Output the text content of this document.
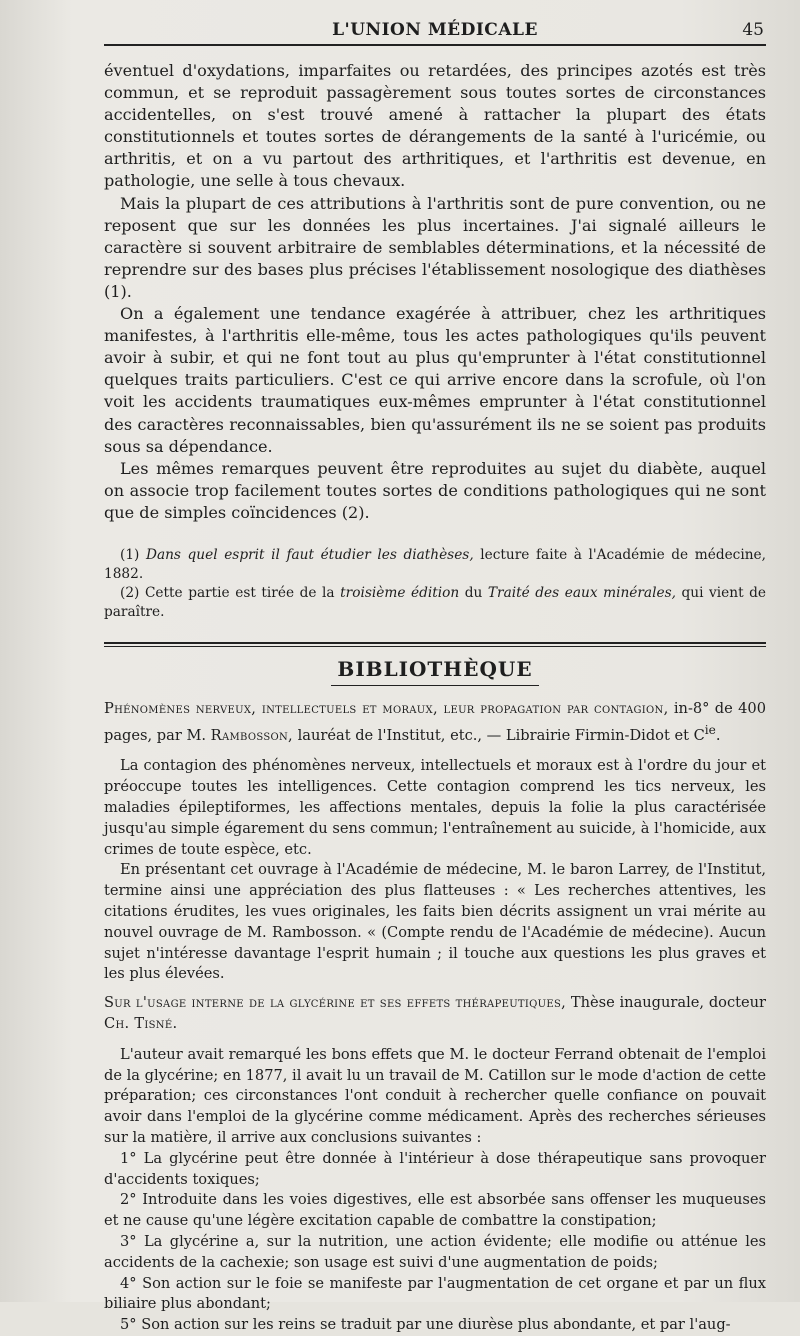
L'UNION MÉDICALE	45

éventuel d'oxydations, imparfaites ou retardées, des principes azotés est très commun, et se reproduit passagèrement sous toutes sortes de circonstances accidentelles, on s'est trouvé amené à rattacher la plupart des états constitutionnels et toutes sortes de dérangements de la santé à l'uricémie, ou arthritis, et on a vu partout des arthritiques, et l'arthritis est devenue, en pathologie, une selle à tous chevaux.

Mais la plupart de ces attributions à l'arthritis sont de pure convention, ou ne reposent que sur les données les plus incertaines. J'ai signalé ailleurs le caractère si souvent arbitraire de semblables déterminations, et la nécessité de reprendre sur des bases plus précises l'établissement nosologique des diathèses (1).

On a également une tendance exagérée à attribuer, chez les arthritiques manifestes, à l'arthritis elle-même, tous les actes pathologiques qu'ils peuvent avoir à subir, et qui ne font tout au plus qu'emprunter à l'état constitutionnel quelques traits particuliers. C'est ce qui arrive encore dans la scrofule, où l'on voit les accidents traumatiques eux-mêmes emprunter à l'état constitutionnel des caractères reconnaissables, bien qu'assurément ils ne se soient pas produits sous sa dépendance.

Les mêmes remarques peuvent être reproduites au sujet du diabète, auquel on associe trop facilement toutes sortes de conditions pathologiques qui ne sont que de simples coïncidences (2).

(1) Dans quel esprit il faut étudier les diathèses, lecture faite à l'Académie de médecine, 1882.

(2) Cette partie est tirée de la troisième édition du Traité des eaux minérales, qui vient de paraître.

BIBLIOTHÈQUE

Phénomènes nerveux, intellectuels et moraux, leur propagation par contagion, in-8° de 400 pages, par M. Rambosson, lauréat de l'Institut, etc., — Librairie Firmin-Didot et $C^{ie}$.

La contagion des phénomènes nerveux, intellectuels et moraux est à l'ordre du jour et préoccupe toutes les intelligences. Cette contagion comprend les tics nerveux, les maladies épileptiformes, les affections mentales, depuis la folie la plus caractérisée jusqu'au simple égarement du sens commun; l'entraînement au suicide, à l'homicide, aux crimes de toute espèce, etc.

En présentant cet ouvrage à l'Académie de médecine, M. le baron Larrey, de l'Institut, termine ainsi une appréciation des plus flatteuses : « Les recherches attentives, les citations érudites, les vues originales, les faits bien décrits assignent un vrai mérite au nouvel ouvrage de M. Rambosson. « (Compte rendu de l'Académie de médecine). Aucun sujet n'intéresse davantage l'esprit humain ; il touche aux questions les plus graves et les plus élevées.

Sur l'usage interne de la glycérine et ses effets thérapeutiques, Thèse inaugurale, docteur Ch. Tisné.

L'auteur avait remarqué les bons effets que M. le docteur Ferrand obtenait de l'emploi de la glycérine; en 1877, il avait lu un travail de M. Catillon sur le mode d'action de cette préparation; ces circonstances l'ont conduit à rechercher quelle confiance on pouvait avoir dans l'emploi de la glycérine comme médicament. Après des recherches sérieuses sur la matière, il arrive aux conclusions suivantes :

1° La glycérine peut être donnée à l'intérieur à dose thérapeutique sans provoquer d'accidents toxiques;

2° Introduite dans les voies digestives, elle est absorbée sans offenser les muqueuses et ne cause qu'une légère excitation capable de combattre la constipation;

3° La glycérine a, sur la nutrition, une action évidente; elle modifie ou atténue les accidents de la cachexie; son usage est suivi d'une augmentation de poids;

4° Son action sur le foie se manifeste par l'augmentation de cet organe et par un flux biliaire plus abondant;

5° Son action sur les reins se traduit par une diurèse plus abondante, et par l'aug-
